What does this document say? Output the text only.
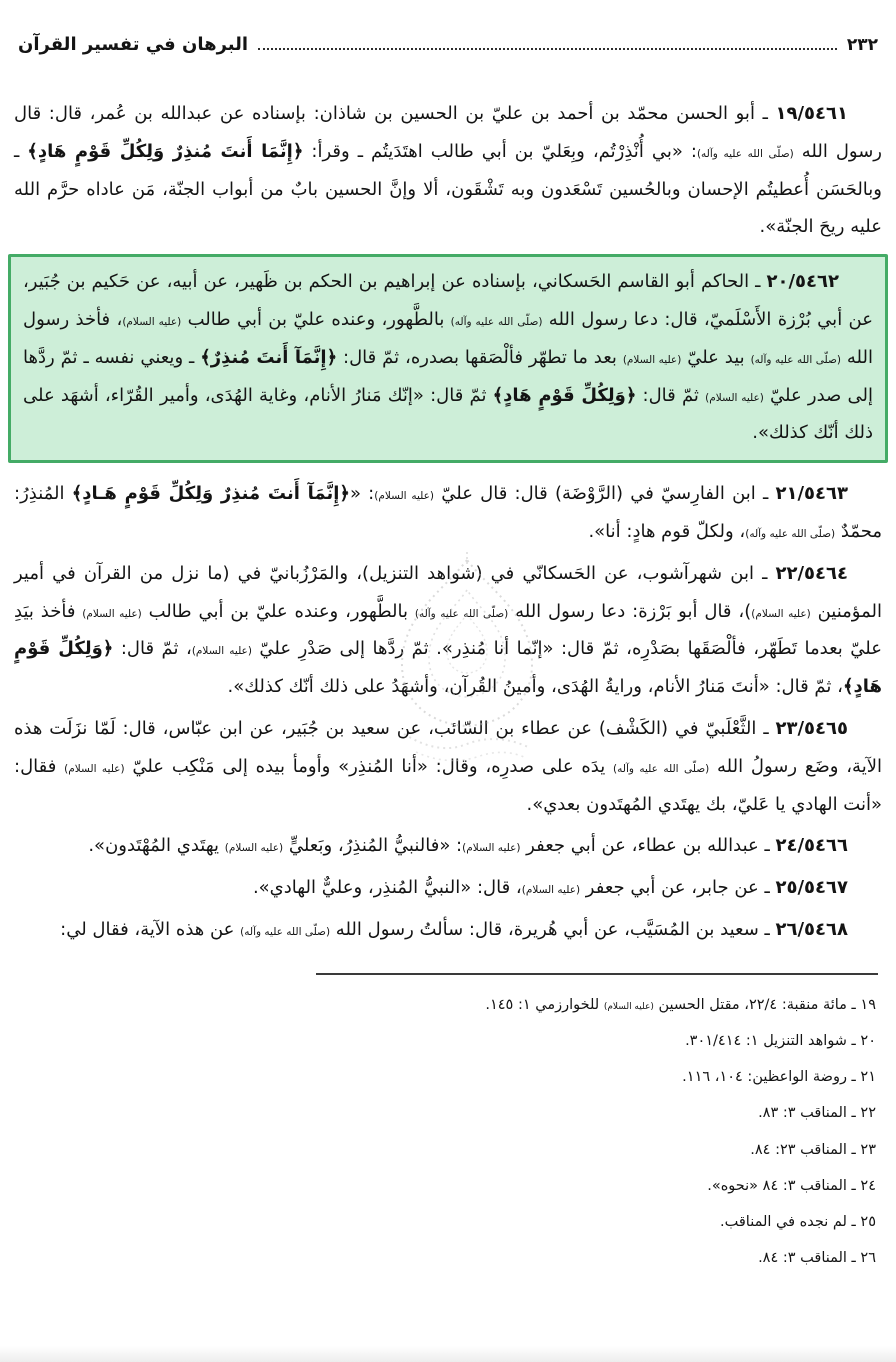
٢٣٢
البرهان في تفسير القرآن

١٩/٥٤٦١ ـ أبو الحسن محمّد بن أحمد بن عليّ بن الحسين بن شاذان: بإسناده عن عبدالله بن عُمر، قال: قال رسول الله (صلّى الله عليه وآله): «بي أُنْذِرْتُم، وبِعَليّ بن أبي طالب اهتَدَيتُم ـ وقرأ: ﴿إِنَّمَا أَنتَ مُنذِرٌ وَلِكُلِّ قَوْمٍ هَادٍ﴾ ـ وبالحَسَن أُعطيتُم الإحسان وبالحُسين تَسْعَدون وبه تَشْقَون، ألا وإنَّ الحسين بابٌ من أبواب الجنّة، مَن عاداه حرَّم الله عليه ريحَ الجنّة».

٢٠/٥٤٦٢ ـ الحاكم أبو القاسم الحَسكاني، بإسناده عن إبراهيم بن الحكم بن ظَهير، عن أبيه، عن حَكيم بن جُبَير، عن أبي بُرْزة الأَسْلَميّ، قال: دعا رسول الله (صلّى الله عليه وآله) بالطَّهور، وعنده عليّ بن أبي طالب (عليه السلام)، فأخذ رسول الله (صلّى الله عليه وآله) بيد عليّ (عليه السلام) بعد ما تطهّر فألْصَقها بصدره، ثمّ قال: ﴿إِنَّمَآ أَنتَ مُنذِرٌ﴾ ـ ويعني نفسه ـ ثمّ ردَّها إلى صدر عليّ (عليه السلام) ثمّ قال: ﴿وَلِكُلِّ قَوْمٍ هَادٍ﴾ ثمّ قال: «إنّك مَنارُ الأنام، وغاية الهُدَى، وأمير القُرّاء، أشهَد على ذلك أنّك كذلك».

٢١/٥٤٦٣ ـ ابن الفارِسيّ في (الرَّوْضَة) قال: قال عليّ (عليه السلام): «﴿إِنَّمَآ أَنتَ مُنذِرٌ وَلِكُلِّ قَوْمٍ هَـادٍ﴾ المُنذِرُ: محمّدٌ (صلّى الله عليه وآله)، ولكلّ قوم هادٍ: أنا».

٢٢/٥٤٦٤ ـ ابن شهرآشوب، عن الحَسكانّي في (شواهد التنزيل)، والمَرْزُبانيّ في (ما نزل من القرآن في أمير المؤمنين (عليه السلام))، قال أبو بَرْزة: دعا رسول الله (صلّى الله عليه وآله) بالطَّهور، وعنده عليّ بن أبي طالب (عليه السلام) فأخذ بيَدِ عليّ بعدما تَطَهّر، فألْصَقَها بصَدْرِه، ثمّ قال: «إنّما أنا مُنذِر». ثمّ ردَّها إلى صَدْرِ عليّ (عليه السلام)، ثمّ قال: ﴿وَلِكُلِّ قَوْمٍ هَادٍ﴾، ثمّ قال: «أنتَ مَنارُ الأنام، ورايةُ الهُدَى، وأمينُ القُرآن، وأشهَدُ على ذلك أنّك كذلك».

٢٣/٥٤٦٥ ـ الثَّعْلَبيّ في (الكَشْف) عن عطاء بن السّائب، عن سعيد بن جُبَير، عن ابن عبّاس، قال: لَمّا نزَلَت هذه الآية، وضَع رسولُ الله (صلّى الله عليه وآله) يدَه على صدرِه، وقال: «أنا المُنذِر» وأومأ بيده إلى مَنْكِب عليّ (عليه السلام) فقال: «أنت الهادي يا عَليّ، بك يهتَدي المُهتَدون بعدي».

٢٤/٥٤٦٦ ـ عبدالله بن عطاء، عن أبي جعفر (عليه السلام): «فالنبيُّ المُنذِرُ، وبَعليٍّ (عليه السلام) يهتَدي المُهْتَدون».

٢٥/٥٤٦٧ ـ عن جابر، عن أبي جعفر (عليه السلام)، قال: «النبيُّ المُنذِر، وعليٌّ الهادي».

٢٦/٥٤٦٨ ـ سعيد بن المُسَيَّب، عن أبي هُريرة، قال: سألتُ رسول الله (صلّى الله عليه وآله) عن هذه الآية، فقال لي:

١٩ ـ مائة منقبة: ٢٢/٤، مقتل الحسين (عليه السلام) للخوارزمي ١: ١٤٥.

٢٠ ـ شواهد التنزيل ١: ٣٠١/٤١٤.

٢١ ـ روضة الواعظين: ١٠٤، ١١٦.

٢٢ ـ المناقب ٣: ٨٣.

٢٣ ـ المناقب ٢٣: ٨٤.

٢٤ ـ المناقب ٣: ٨٤ «نحوه».

٢٥ ـ لم نجده في المناقب.

٢٦ ـ المناقب ٣: ٨٤.
